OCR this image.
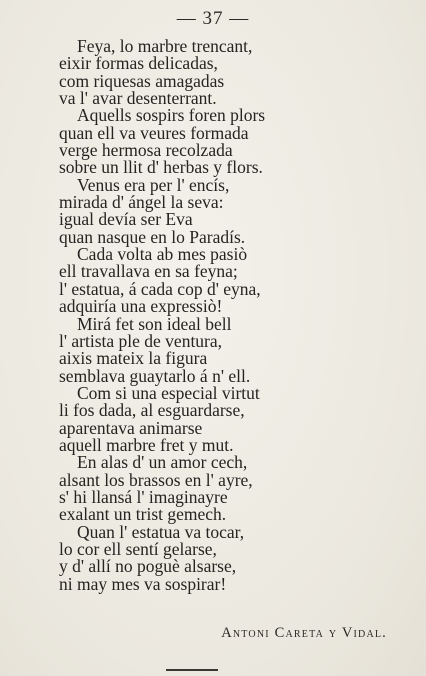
— 37 —
Feya, lo marbre trencant,
eixir formas delicadas,
com riquesas amagadas
va l' avar desenterrant.
Aquells sospirs foren plors
quan ell va veures formada
verge hermosa recolzada
sobre un llit d' herbas y flors.
Venus era per l' encís,
mirada d' ángel la seva:
igual devía ser Eva
quan nasque en lo Paradís.
Cada volta ab mes pasiò
ell travallava en sa feyna;
l' estatua, á cada cop d' eyna,
adquiría una expressiò!
Mirá fet son ideal bell
l' artista ple de ventura,
aixis mateix la figura
semblava guaytarlo á n' ell.
Com si una especial virtut
li fos dada, al esguardarse,
aparentava animarse
aquell marbre fret y mut.
En alas d' un amor cech,
alsant los brassos en l' ayre,
s' hi llansá l' imaginayre
exalant un trist gemech.
Quan l' estatua va tocar,
lo cor ell sentí gelarse,
y d' allí no poguè alsarse,
ni may mes va sospirar!
Antoni Careta y Vidal.
